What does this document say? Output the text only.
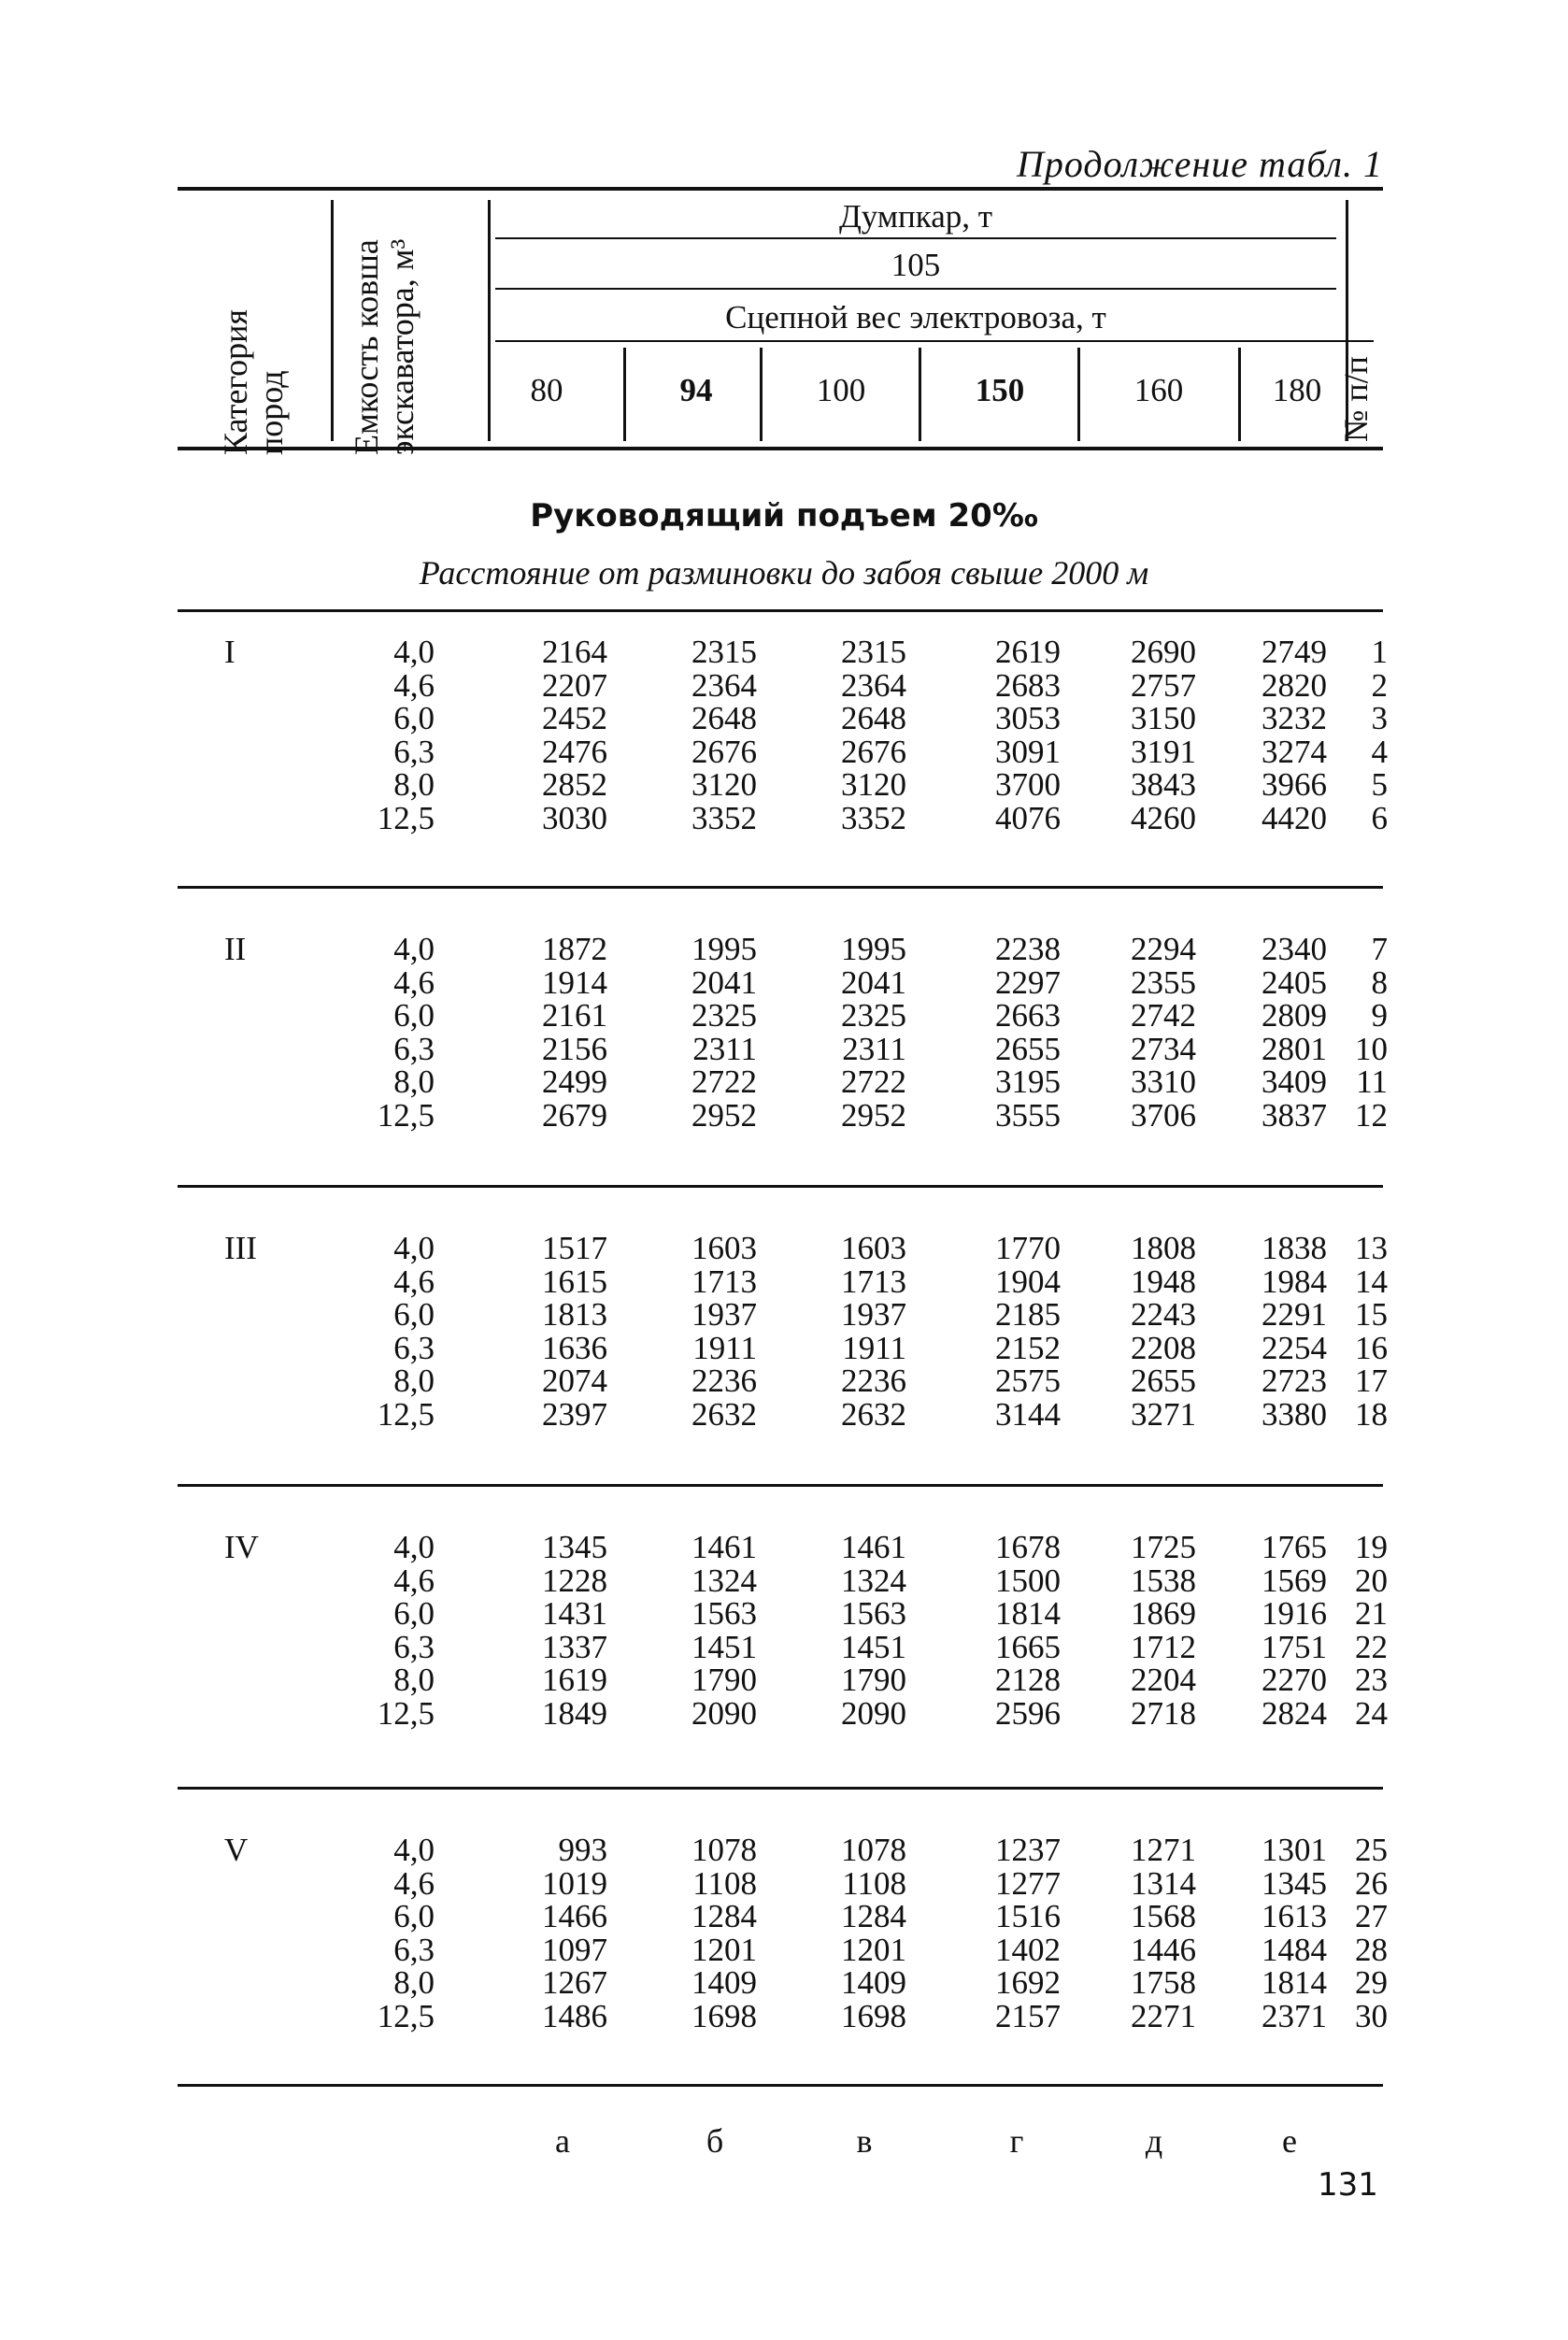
Продолжение табл. 1
Категория пород Емкость ковша экскаватора, м³	№ п/п
Думпкар, т
105
Сцепной вес электровоза, т
80	94	100	150	160	180
Руководящий подъем 20‰
Расстояние от разминовки до забоя свыше 2000 м
I	4,0	2164	2315	2315	2619	2690	2749	1
4,6	2207	2364	2364	2683	2757	2820	2
6,0	2452	2648	2648	3053	3150	3232	3
6,3	2476	2676	2676	3091	3191	3274	4
8,0	2852	3120	3120	3700	3843	3966	5
12,5	3030	3352	3352	4076	4260	4420	6
II	4,0	1872	1995	1995	2238	2294	2340	7
4,6	1914	2041	2041	2297	2355	2405	8
6,0	2161	2325	2325	2663	2742	2809	9
6,3	2156	2311	2311	2655	2734	2801 10
8,0	2499	2722	2722	3195	3310	3409 11
12,5	2679	2952	2952	3555	3706	3837 12
III	4,0	1517	1603	1603	1770	1808	1838 13
4,6	1615	1713	1713	1904	1948	1984 14
6,0	1813	1937	1937	2185	2243	2291 15
6,3	1636	1911	1911	2152	2208	2254 16
8,0	2074	2236	2236	2575	2655	2723 17
12,5	2397	2632	2632	3144	3271	3380 18
IV	4,0	1345	1461	1461	1678	1725	1765 19
4,6	1228	1324	1324	1500	1538	1569 20
6,0	1431	1563	1563	1814	1869	1916 21
6,3	1337	1451	1451	1665	1712	1751 22
8,0	1619	1790	1790	2128	2204	2270 23
12,5	1849	2090	2090	2596	2718	2824 24
V	4,0	993	1078	1078	1237	1271	1301 25
4,6	1019	1108	1108	1277	1314	1345 26
6,0	1466	1284	1284	1516	1568	1613 27
6,3	1097	1201	1201	1402	1446	1484 28
8,0	1267	1409	1409	1692	1758	1814 29
12,5	1486	1698	1698	2157	2271	2371 30
а	б	в	г	д	е
131
